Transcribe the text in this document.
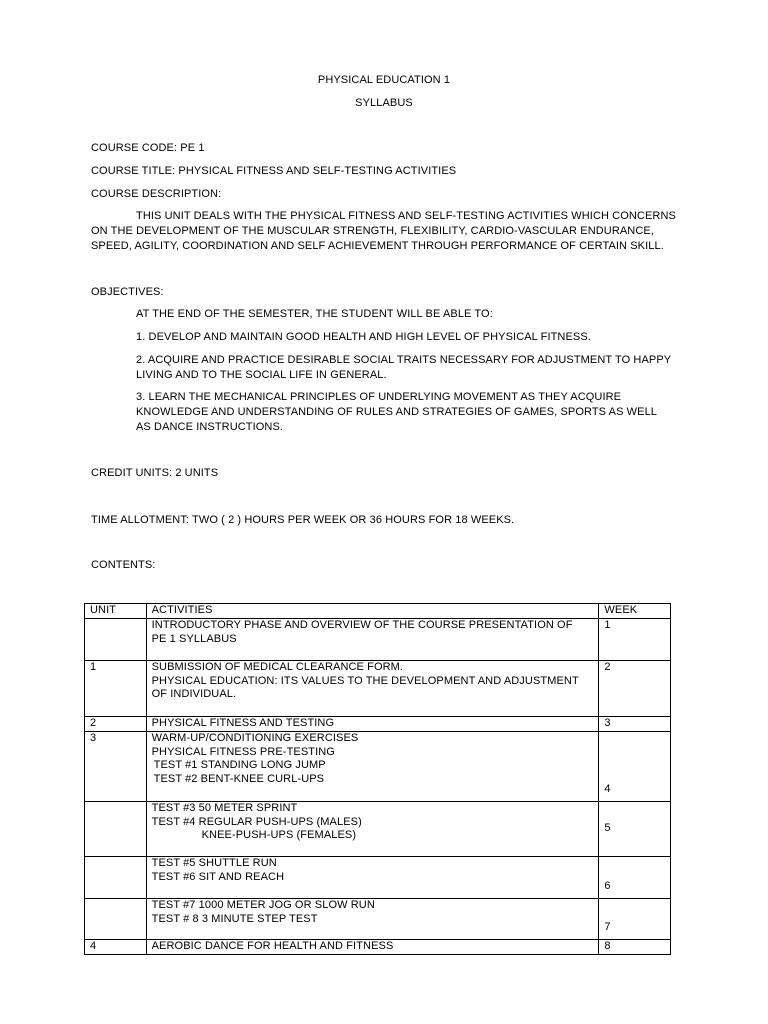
PHYSICAL EDUCATION 1
SYLLABUS
COURSE CODE: PE 1
COURSE TITLE: PHYSICAL FITNESS AND SELF-TESTING ACTIVITIES
COURSE DESCRIPTION:
THIS UNIT DEALS WITH THE PHYSICAL FITNESS AND SELF-TESTING ACTIVITIES WHICH CONCERNS
ON THE DEVELOPMENT OF THE MUSCULAR STRENGTH, FLEXIBILITY, CARDIO-VASCULAR ENDURANCE,
SPEED, AGILITY, COORDINATION AND SELF ACHIEVEMENT THROUGH PERFORMANCE OF CERTAIN SKILL.
OBJECTIVES:
AT THE END OF THE SEMESTER, THE STUDENT WILL BE ABLE TO:
1. DEVELOP AND MAINTAIN GOOD HEALTH AND HIGH LEVEL OF PHYSICAL FITNESS.
2. ACQUIRE AND PRACTICE DESIRABLE SOCIAL TRAITS NECESSARY FOR ADJUSTMENT TO HAPPY
LIVING AND TO THE SOCIAL LIFE IN GENERAL.
3. LEARN THE MECHANICAL PRINCIPLES OF UNDERLYING MOVEMENT AS THEY ACQUIRE
KNOWLEDGE AND UNDERSTANDING OF RULES AND STRATEGIES OF GAMES, SPORTS AS WELL
AS DANCE INSTRUCTIONS.
CREDIT UNITS: 2 UNITS
TIME ALLOTMENT: TWO ( 2 ) HOURS PER WEEK OR 36 HOURS FOR 18 WEEKS.
CONTENTS:
UNIT	ACTIVITIES	WEEK

	INTRODUCTORY PHASE AND OVERVIEW OF THE COURSE PRESENTATION OF
PE 1 SYLLABUS	1
1	SUBMISSION OF MEDICAL CLEARANCE FORM.
PHYSICAL EDUCATION: ITS VALUES TO THE DEVELOPMENT AND ADJUSTMENT
OF INDIVIDUAL.	2
2	PHYSICAL FITNESS AND TESTING	3
3	WARM-UP/CONDITIONING EXERCISES
PHYSICAL FITNESS PRE-TESTING
TEST #1 STANDING LONG JUMP
TEST #2 BENT-KNEE CURL-UPS	4

	TEST #3 50 METER SPRINT
TEST #4 REGULAR PUSH-UPS (MALES)
KNEE-PUSH-UPS (FEMALES)	5

	TEST #5 SHUTTLE RUN
TEST #6 SIT AND REACH	6

	TEST #7 1000 METER JOG OR SLOW RUN
TEST # 8 3 MINUTE STEP TEST	7
4	AEROBIC DANCE FOR HEALTH AND FITNESS	8
